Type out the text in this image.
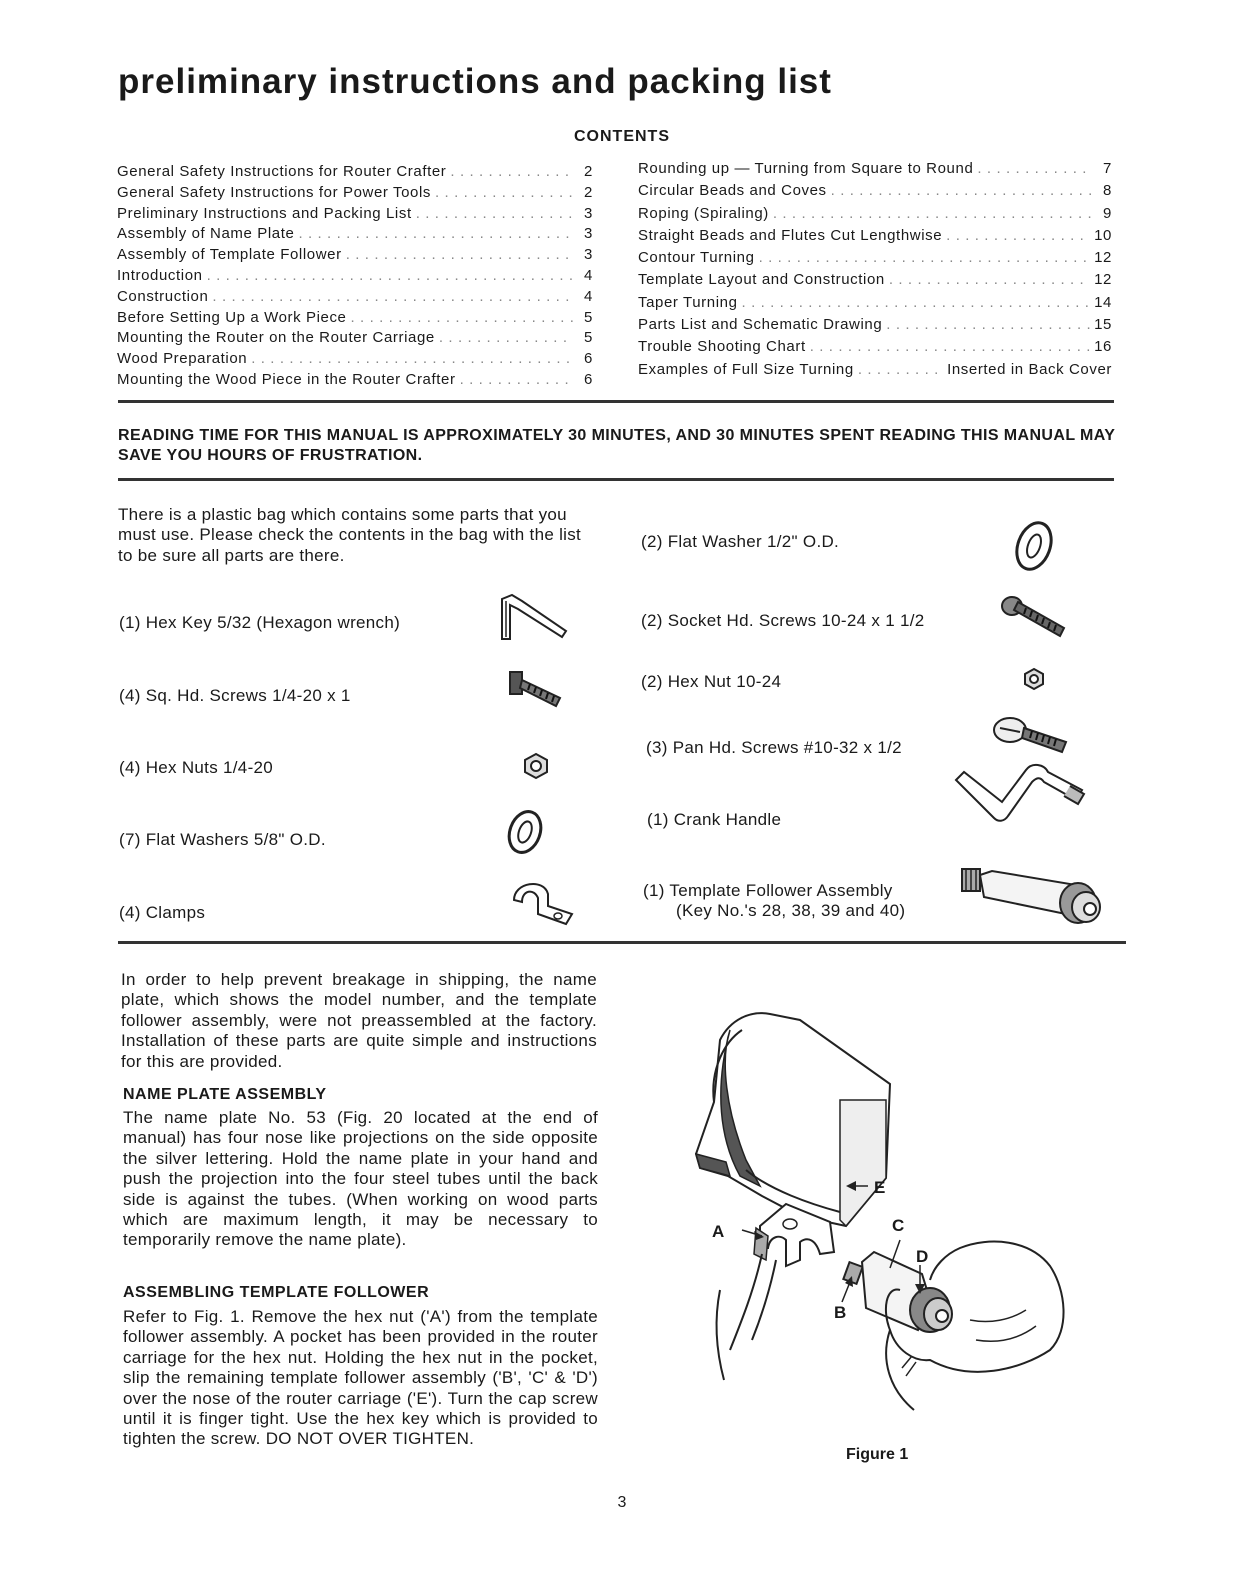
preliminary instructions and packing list
CONTENTS
General Safety Instructions for Router Crafter . . .	2
General Safety Instructions for Power Tools . . .	2
Preliminary Instructions and Packing List . . .	3
Assembly of Name Plate . . .	3
Assembly of Template Follower . . .	3
Introduction . . .	4
Construction . . .	4
Before Setting Up a Work Piece . . .	5
Mounting the Router on the Router Carriage . . .	5
Wood Preparation . . .	6
Mounting the Wood Piece in the Router Crafter . . .	6
Rounding up — Turning from Square to Round . . .	7
Circular Beads and Coves . . .	8
Roping (Spiraling) . . .	9
Straight Beads and Flutes Cut Lengthwise . . .	10
Contour Turning . . .	12
Template Layout and Construction . . .	12
Taper Turning . . .	14
Parts List and Schematic Drawing . . .	15
Trouble Shooting Chart . . .	16
Examples of Full Size Turning . . .	Inserted in Back Cover
READING TIME FOR THIS MANUAL IS APPROXIMATELY 30 MINUTES, AND 30 MINUTES SPENT READING THIS MANUAL MAY SAVE YOU HOURS OF FRUSTRATION.
There is a plastic bag which contains some parts that you must use. Please check the contents in the bag with the list to be sure all parts are there.
(1) Hex Key 5/32 (Hexagon wrench)
(4) Sq. Hd. Screws 1/4-20 x 1
(4) Hex Nuts 1/4-20
(7) Flat Washers 5/8" O.D.
(4) Clamps
(2) Flat Washer 1/2" O.D.
(2) Socket Hd. Screws 10-24 x 1 1/2
(2) Hex Nut 10-24
(3) Pan Hd. Screws #10-32 x 1/2
(1) Crank Handle
(1) Template Follower Assembly
(Key No.'s 28, 38, 39 and 40)
In order to help prevent breakage in shipping, the name plate, which shows the model number, and the template follower assembly, were not preassembled at the factory. Installation of these parts are quite simple and instructions for this are provided.
NAME PLATE ASSEMBLY
The name plate No. 53 (Fig. 20 located at the end of manual) has four nose like projections on the side opposite the silver lettering. Hold the name plate in your hand and push the projection into the four steel tubes until the back side is against the tubes. (When working on wood parts which are maximum length, it may be necessary to temporarily remove the name plate).
ASSEMBLING TEMPLATE FOLLOWER
Refer to Fig. 1. Remove the hex nut ('A') from the template follower assembly. A pocket has been provided in the router carriage for the hex nut. Holding the hex nut in the pocket, slip the remaining template follower assembly ('B', 'C' & 'D') over the nose of the router carriage ('E'). Turn the cap screw until it is finger tight. Use the hex key which is provided to tighten the screw. DO NOT OVER TIGHTEN.
A
E
C
D
B
Figure 1
3
